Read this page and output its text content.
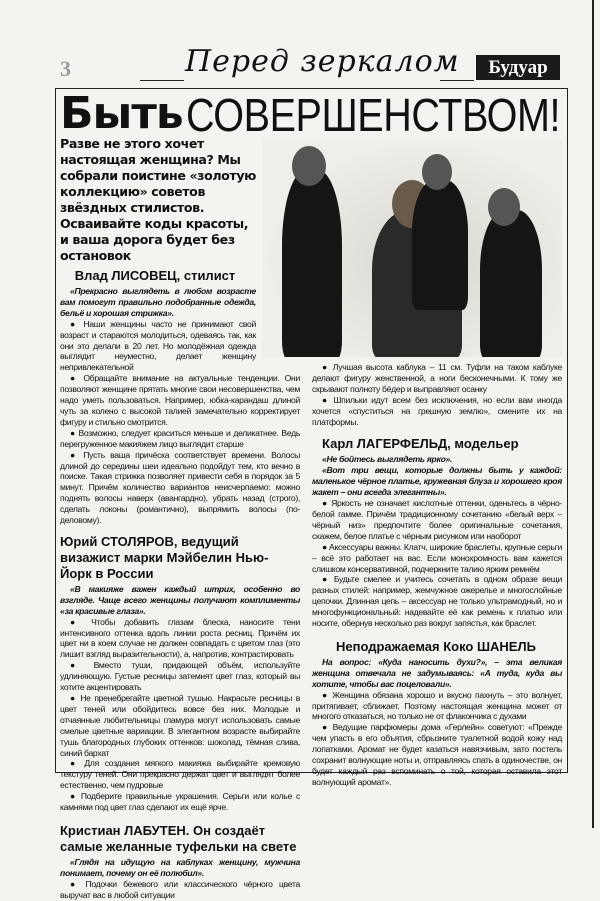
3	Перед зеркалом	Будуар
Быть СОВЕРШЕНСТВОМ!
Разве не этого хочет настоящая женщина? Мы собрали поистине «золотую коллекцию» советов звёздных стилистов. Осваивайте коды красоты, и ваша дорога будет без остановок
Влад ЛИСОВЕЦ, стилист

«Прекрасно выглядеть в любом возрасте вам помогут правильно подобранные одежда, бельё и хорошая стрижка».

● Наши женщины часто не принимают свой возраст и стараются молодиться, одеваясь так, как они это делали в 20 лет. Но молодёжная одежда выглядит неуместно, делает женщину непривлекательной

● Обращайте внимание на актуальные тенденции. Они позволяют женщине прятать многие свои несовершенства, чем надо уметь пользоваться. Например, юбка-карандаш длиной чуть за колено с высокой талией замечательно корректирует фигуру и стильно смотрится.

● Возможно, следует краситься меньше и деликатнее. Ведь перегруженное макияжем лицо выглядит старше

● Пусть ваша причёска соответствует времени. Волосы длиной до середины шеи идеально подойдут тем, кто вечно в поиске. Такая стрижка позволяет привести себя в порядок за 5 минут. Причём количество вариантов неисчерпаемо: можно поднять волосы наверх (авангардно), убрать назад (строго), сделать локоны (романтично), выпрямить волосы (по-деловому).

Юрий СТОЛЯРОВ, ведущий визажист марки Мэйбелин Нью-Йорк в России

«В макияже важен каждый штрих, особенно во взгляде. Чаще всего женщины получают комплименты «за красивые глаза».

● Чтобы добавить глазам блеска, наносите тени интенсивного оттенка вдоль линии роста ресниц. Причём их цвет ни в коем случае не должен совпадать с цветом глаз (это лишит взгляд выразительности), а, напротив, контрастировать

● Вместо туши, придающей объём, используйте удлиняющую. Густые ресницы затемнят цвет глаз, который вы хотите акцентировать

● Не пренебрегайте цветной тушью. Накрасьте ресницы в цвет теней или обойдитесь вовсе без них. Молодые и отчаянные любительницы гламура могут использовать самые смелые цветные вариации. В элегантном возрасте выбирайте тушь благородных глубоких оттенков: шоколад, тёмная слива, синий бархат

● Для создания мягкого макияжа выбирайте кремовую текстуру теней. Они прекрасно держат цвет и выглядят более естественно, чем пудровые

● Подберите правильные украшения. Серьги или колье с камнями под цвет глаз сделают их ещё ярче.

Кристиан ЛАБУТЕН. Он создаёт самые желанные туфельки на свете

«Глядя на идущую на каблуках женщину, мужчина понимает, почему он её полюбил».

● Подочки бежевого или классического чёрного цвета выручат вас в любой ситуации

● Лучшая высота каблука – 11 см. Туфли на таком каблуке делают фигуру женственной, а ноги бесконечными. К тому же скрывают полноту бёдер и выправляют осанку

● Шпильки идут всем без исключения, но если вам иногда хочется «спуститься на грешную землю», смените их на платформы.

Карл ЛАГЕРФЕЛЬД, модельер

«Не бойтесь выглядеть ярко».

«Вот три вещи, которые должны быть у каждой: маленькое чёрное платье, кружевная блуза и хорошего кроя жакет – они всегда элегантны».

● Яркость не означает кислотные оттенки, оденьтесь в чёрно-белой гамме. Причём традиционному сочетанию «белый верх – чёрный низ» предпочтите более оригинальные сочетания, скажем, белое платье с чёрным рисунком или наоборот

● Аксессуары важны. Клатч, широкие браслеты, крупные серьги – всё это работает на вас. Если монохромность вам кажется слишком консервативной, подчеркните талию ярким ремнём

● Будьте смелее и учитесь сочетать в одном образе вещи разных стилей: например, жемчужное ожерелье и многослойные цепочки. Длинная цепь – аксессуар не только ультрамодный, но и многофункциональный: надевайте её как ремень к платью или носите, обернув несколько раз вокруг запястья, как браслет.

Неподражаемая Коко ШАНЕЛЬ

На вопрос: «Куда наносить духи?», – эта великая женщина отвечала не задумываясь: «А туда, куда вы хотите, чтобы вас поцеловали».

● Женщина обязана хорошо и вкусно пахнуть – это волнует, притягивает, сближает. Поэтому настоящая женщина может от многого отказаться, но только не от флакончика с духами

● Ведущие парфюмеры дома «Герлейн» советуют: «Прежде чем упасть в его объятия, сбрызните туалетной водой кожу над лопатками. Аромат не будет казаться навязчивым, зато постель сохранит волнующие ноты и, отправляясь спать в одиночестве, он будет каждый раз вспоминать о той, которая оставила этот волнующий аромат».
